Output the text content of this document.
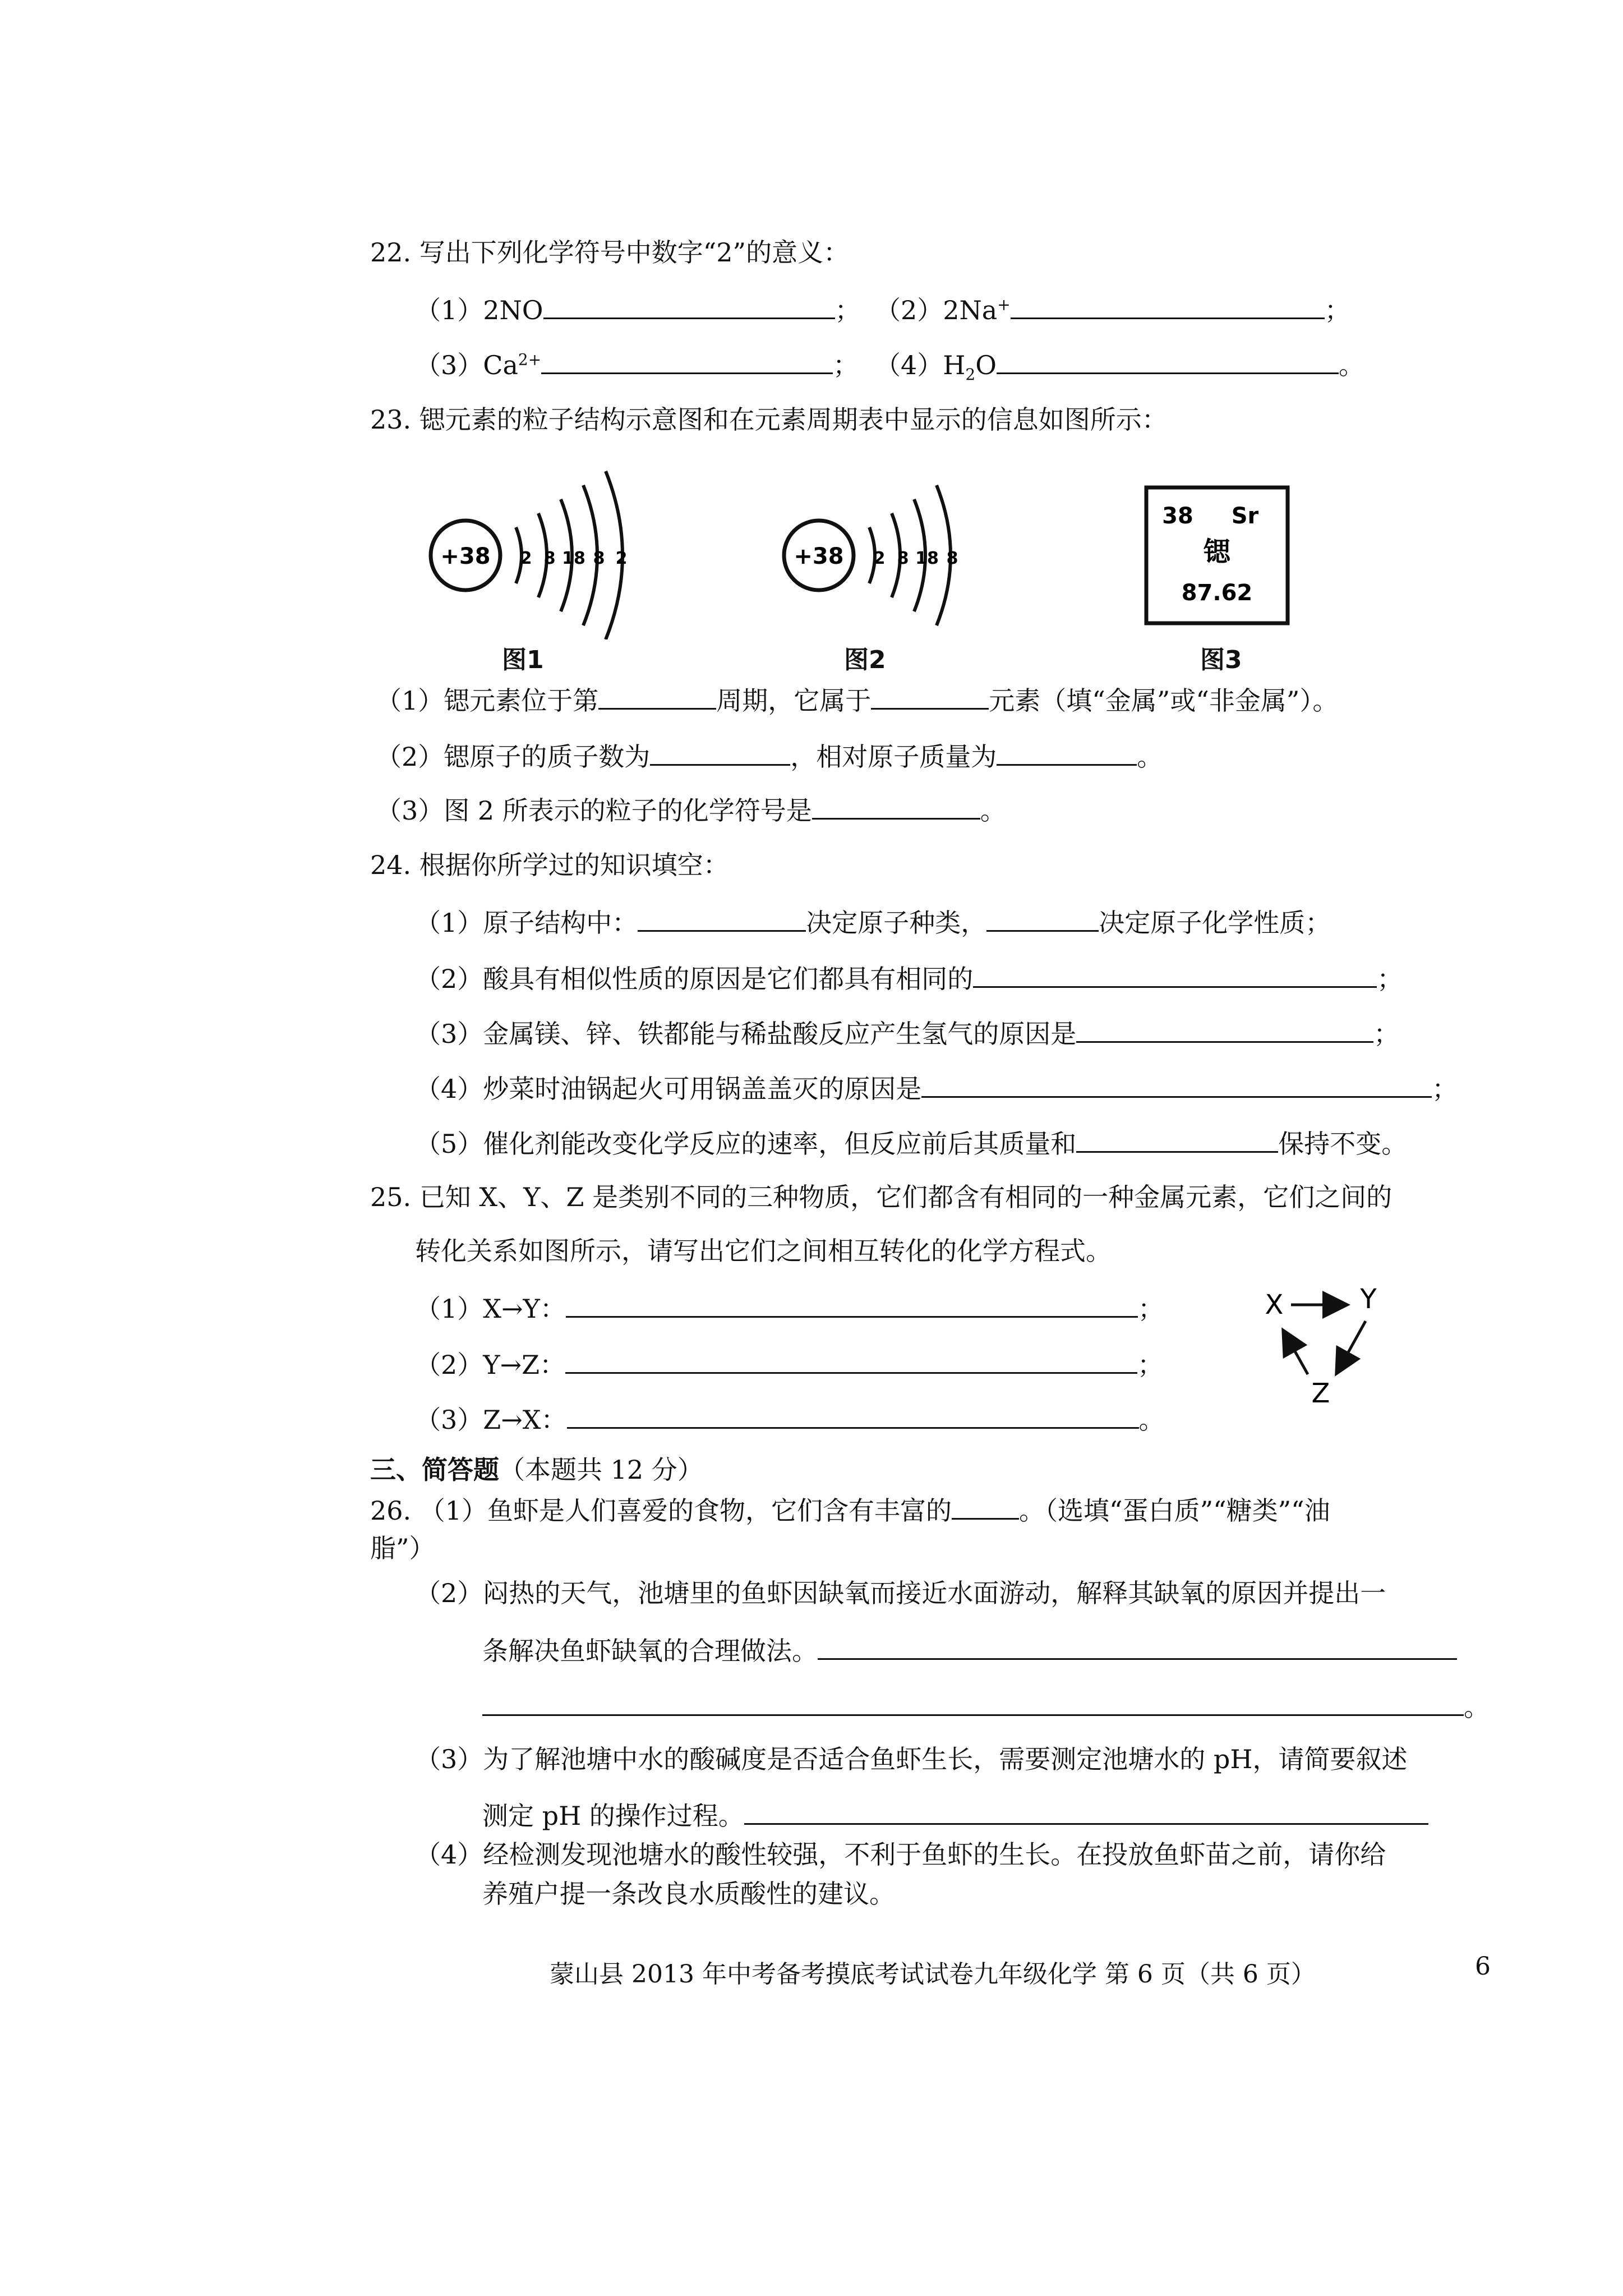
22. 写出下列化学符号中数字“2”的意义：
（1）2NO	； （2）2Na+	；
$(3)Ca^{2+}$	； $(4)H_2O$	。
23. 锶元素的粒子结构示意图和在元素周期表中显示的信息如图所示：
+38 2 8 18 8 2
图1
+38 2 8 18 8
图2
38 Sr
锶
87.62
图3
（1）锶元素位于第	周期，它属于	元素（填“金属”或“非金属”）。
（2）锶原子的质子数为	，相对原子质量为	。
（3）图 2 所表示的粒子的化学符号是	。
24. 根据你所学过的知识填空：
（1）原子结构中：	决定原子种类，	决定原子化学性质；
（2）酸具有相似性质的原因是它们都具有相同的	；
（3）金属镁、锌、铁都能与稀盐酸反应产生氢气的原因是	；
（4）炒菜时油锅起火可用锅盖盖灭的原因是	；
（5）催化剂能改变化学反应的速率，但反应前后其质量和	保持不变。
25. 已知 X、Y、Z 是类别不同的三种物质，它们都含有相同的一种金属元素，它们之间的
转化关系如图所示，请写出它们之间相互转化的化学方程式。
（1）X→Y：	；
（2）Y→Z：	；
（3）Z→X：	。
X	Y
Z
三、简答题（本题共 12 分）
26. （1）鱼虾是人们喜爱的食物，它们含有丰富的	。（选填“蛋白质”“糖类”“油
脂”）
（2）闷热的天气，池塘里的鱼虾因缺氧而接近水面游动，解释其缺氧的原因并提出一
条解决鱼虾缺氧的合理做法。
。
（3）为了解池塘中水的酸碱度是否适合鱼虾生长，需要测定池塘水的 pH，请简要叙述
测定 pH 的操作过程。
（4）经检测发现池塘水的酸性较强，不利于鱼虾的生长。在投放鱼虾苗之前，请你给
养殖户提一条改良水质酸性的建议。
蒙山县 2013 年中考备考摸底考试试卷九年级化学 第 6 页（共 6 页）	6
